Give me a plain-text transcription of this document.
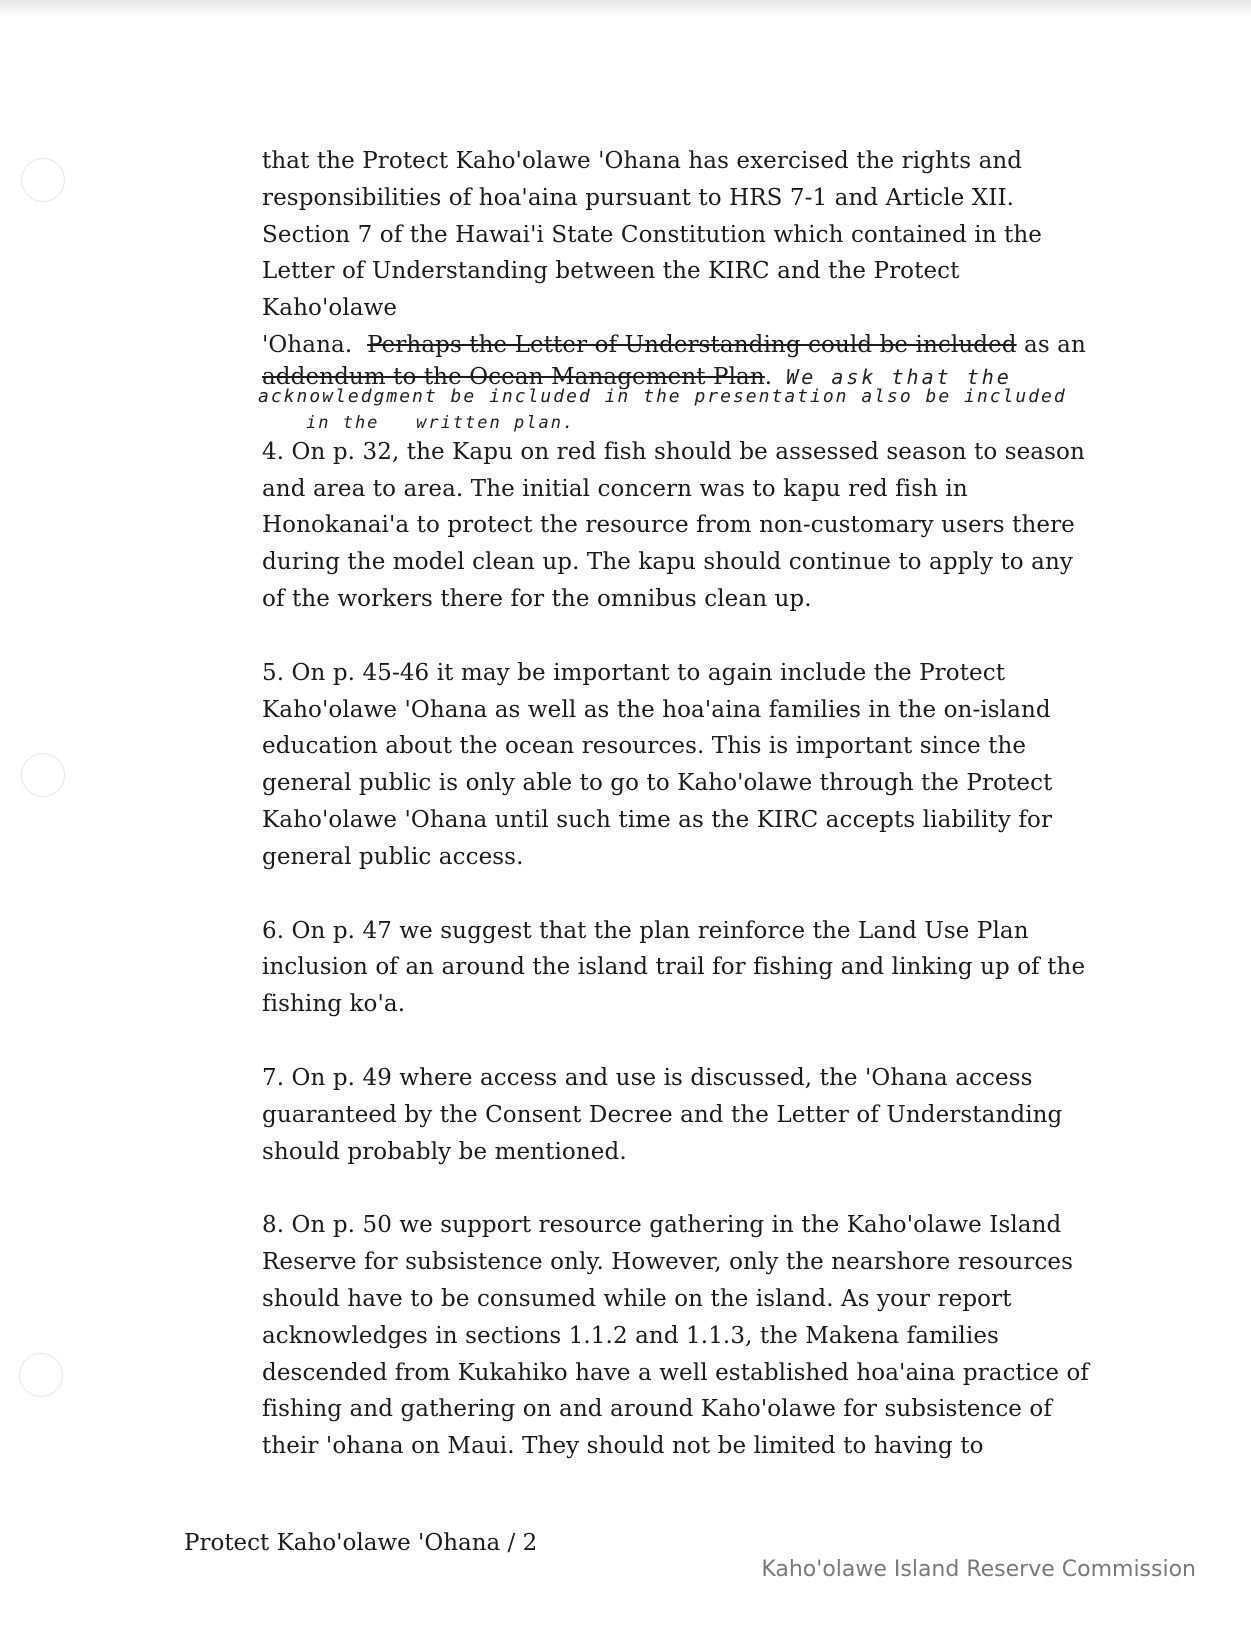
that the Protect Kaho'olawe 'Ohana has exercised the rights and

responsibilities of hoa'aina pursuant to HRS 7-1 and Article XII.

Section 7 of the Hawai'i State Constitution which contained in the

Letter of Understanding between the KIRC and the Protect Kaho'olawe

'Ohana.  Perhaps the Letter of Understanding could be included as an

addendum to the Ocean Management Plan. We ask that the

acknowledgment be included in the presentation also be included
in the   written plan.

4. On p. 32, the Kapu on red fish should be assessed season to season

and area to area. The initial concern was to kapu red fish in

Honokanai'a to protect the resource from non-customary users there

during the model clean up. The kapu should continue to apply to any

of the workers there for the omnibus clean up.

5. On p. 45-46 it may be important to again include the Protect

Kaho'olawe 'Ohana as well as the hoa'aina families in the on-island

education about the ocean resources. This is important since the

general public is only able to go to Kaho'olawe through the Protect

Kaho'olawe 'Ohana until such time as the KIRC accepts liability for

general public access.

6. On p. 47 we suggest that the plan reinforce the Land Use Plan

inclusion of an around the island trail for fishing and linking up of the

fishing ko'a.

7. On p. 49 where access and use is discussed, the 'Ohana access

guaranteed by the Consent Decree and the Letter of Understanding

should probably be mentioned.

8. On p. 50 we support resource gathering in the Kaho'olawe Island

Reserve for subsistence only. However, only the nearshore resources

should have to be consumed while on the island. As your report

acknowledges in sections 1.1.2 and 1.1.3, the Makena families

descended from Kukahiko have a well established hoa'aina practice of

fishing and gathering on and around Kaho'olawe for subsistence of

their 'ohana on Maui. They should not be limited to having to

Protect Kaho'olawe 'Ohana / 2
Kaho'olawe Island Reserve Commission
